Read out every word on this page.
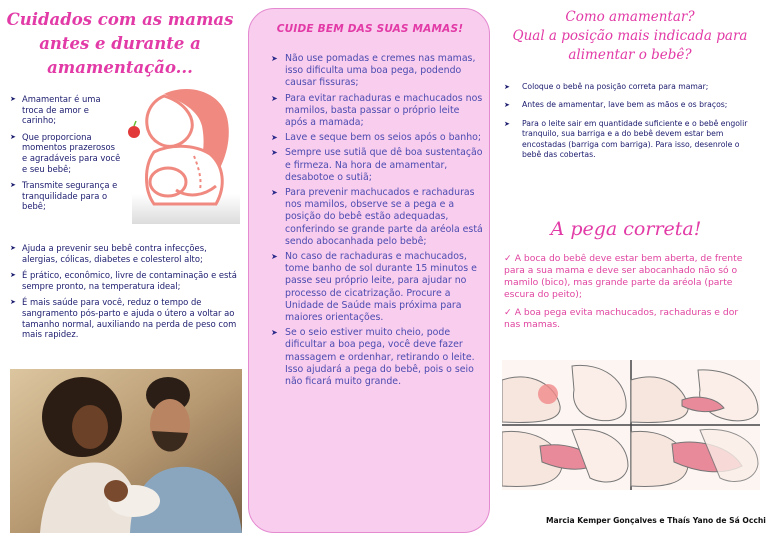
Cuidados com as mamas antes e durante a amamentação...
➤ Amamentar é uma troca de amor e carinho;
➤ Que proporciona momentos prazerosos e agradáveis para você e seu bebê;
➤ Transmite segurança e tranquilidade para o bebê;
➤ Ajuda a prevenir seu bebê contra infecções, alergias, cólicas, diabetes e colesterol alto;
➤ É prático, econômico, livre de contaminação e está sempre pronto, na temperatura ideal;
➤ É mais saúde para você, reduz o tempo de sangramento pós-parto e ajuda o útero a voltar ao tamanho normal, auxiliando na perda de peso com mais rapidez.
CUIDE BEM DAS SUAS MAMAS!
➤ Não use pomadas e cremes nas mamas, isso dificulta uma boa pega, podendo causar fissuras;
➤ Para evitar rachaduras e machucados nos mamilos, basta passar o próprio leite após a mamada;
➤ Lave e seque bem os seios após o banho;
➤ Sempre use sutiã que dê boa sustentação e firmeza. Na hora de amamentar, desabotoe o sutiã;
➤ Para prevenir machucados e rachaduras nos mamilos, observe se a pega e a posição do bebê estão adequadas, conferindo se grande parte da aréola está sendo abocanhada pelo bebê;
➤ No caso de rachaduras e machucados, tome banho de sol durante 15 minutos e passe seu próprio leite, para ajudar no processo de cicatrização. Procure a Unidade de Saúde mais próxima para maiores orientações.
➤ Se o seio estiver muito cheio, pode dificultar a boa pega, você deve fazer massagem e ordenhar, retirando o leite. Isso ajudará a pega do bebê, pois o seio não ficará muito grande.
Como amamentar?
Qual a posição mais indicada para alimentar o bebê?
➤ Coloque o bebê na posição correta para mamar;
➤ Antes de amamentar, lave bem as mãos e os braços;
➤ Para o leite sair em quantidade suficiente e o bebê engolir tranquilo, sua barriga e a do bebê devem estar bem encostadas (barriga com barriga). Para isso, desenrole o bebê das cobertas.
A pega correta!
✓ A boca do bebê deve estar bem aberta, de frente para a sua mama e deve ser abocanhado não só o mamilo (bico), mas grande parte da aréola (parte escura do peito);
✓ A boa pega evita machucados, rachaduras e dor nas mamas.
Marcia Kemper Gonçalves e Thaís Yano de Sá Occhi
